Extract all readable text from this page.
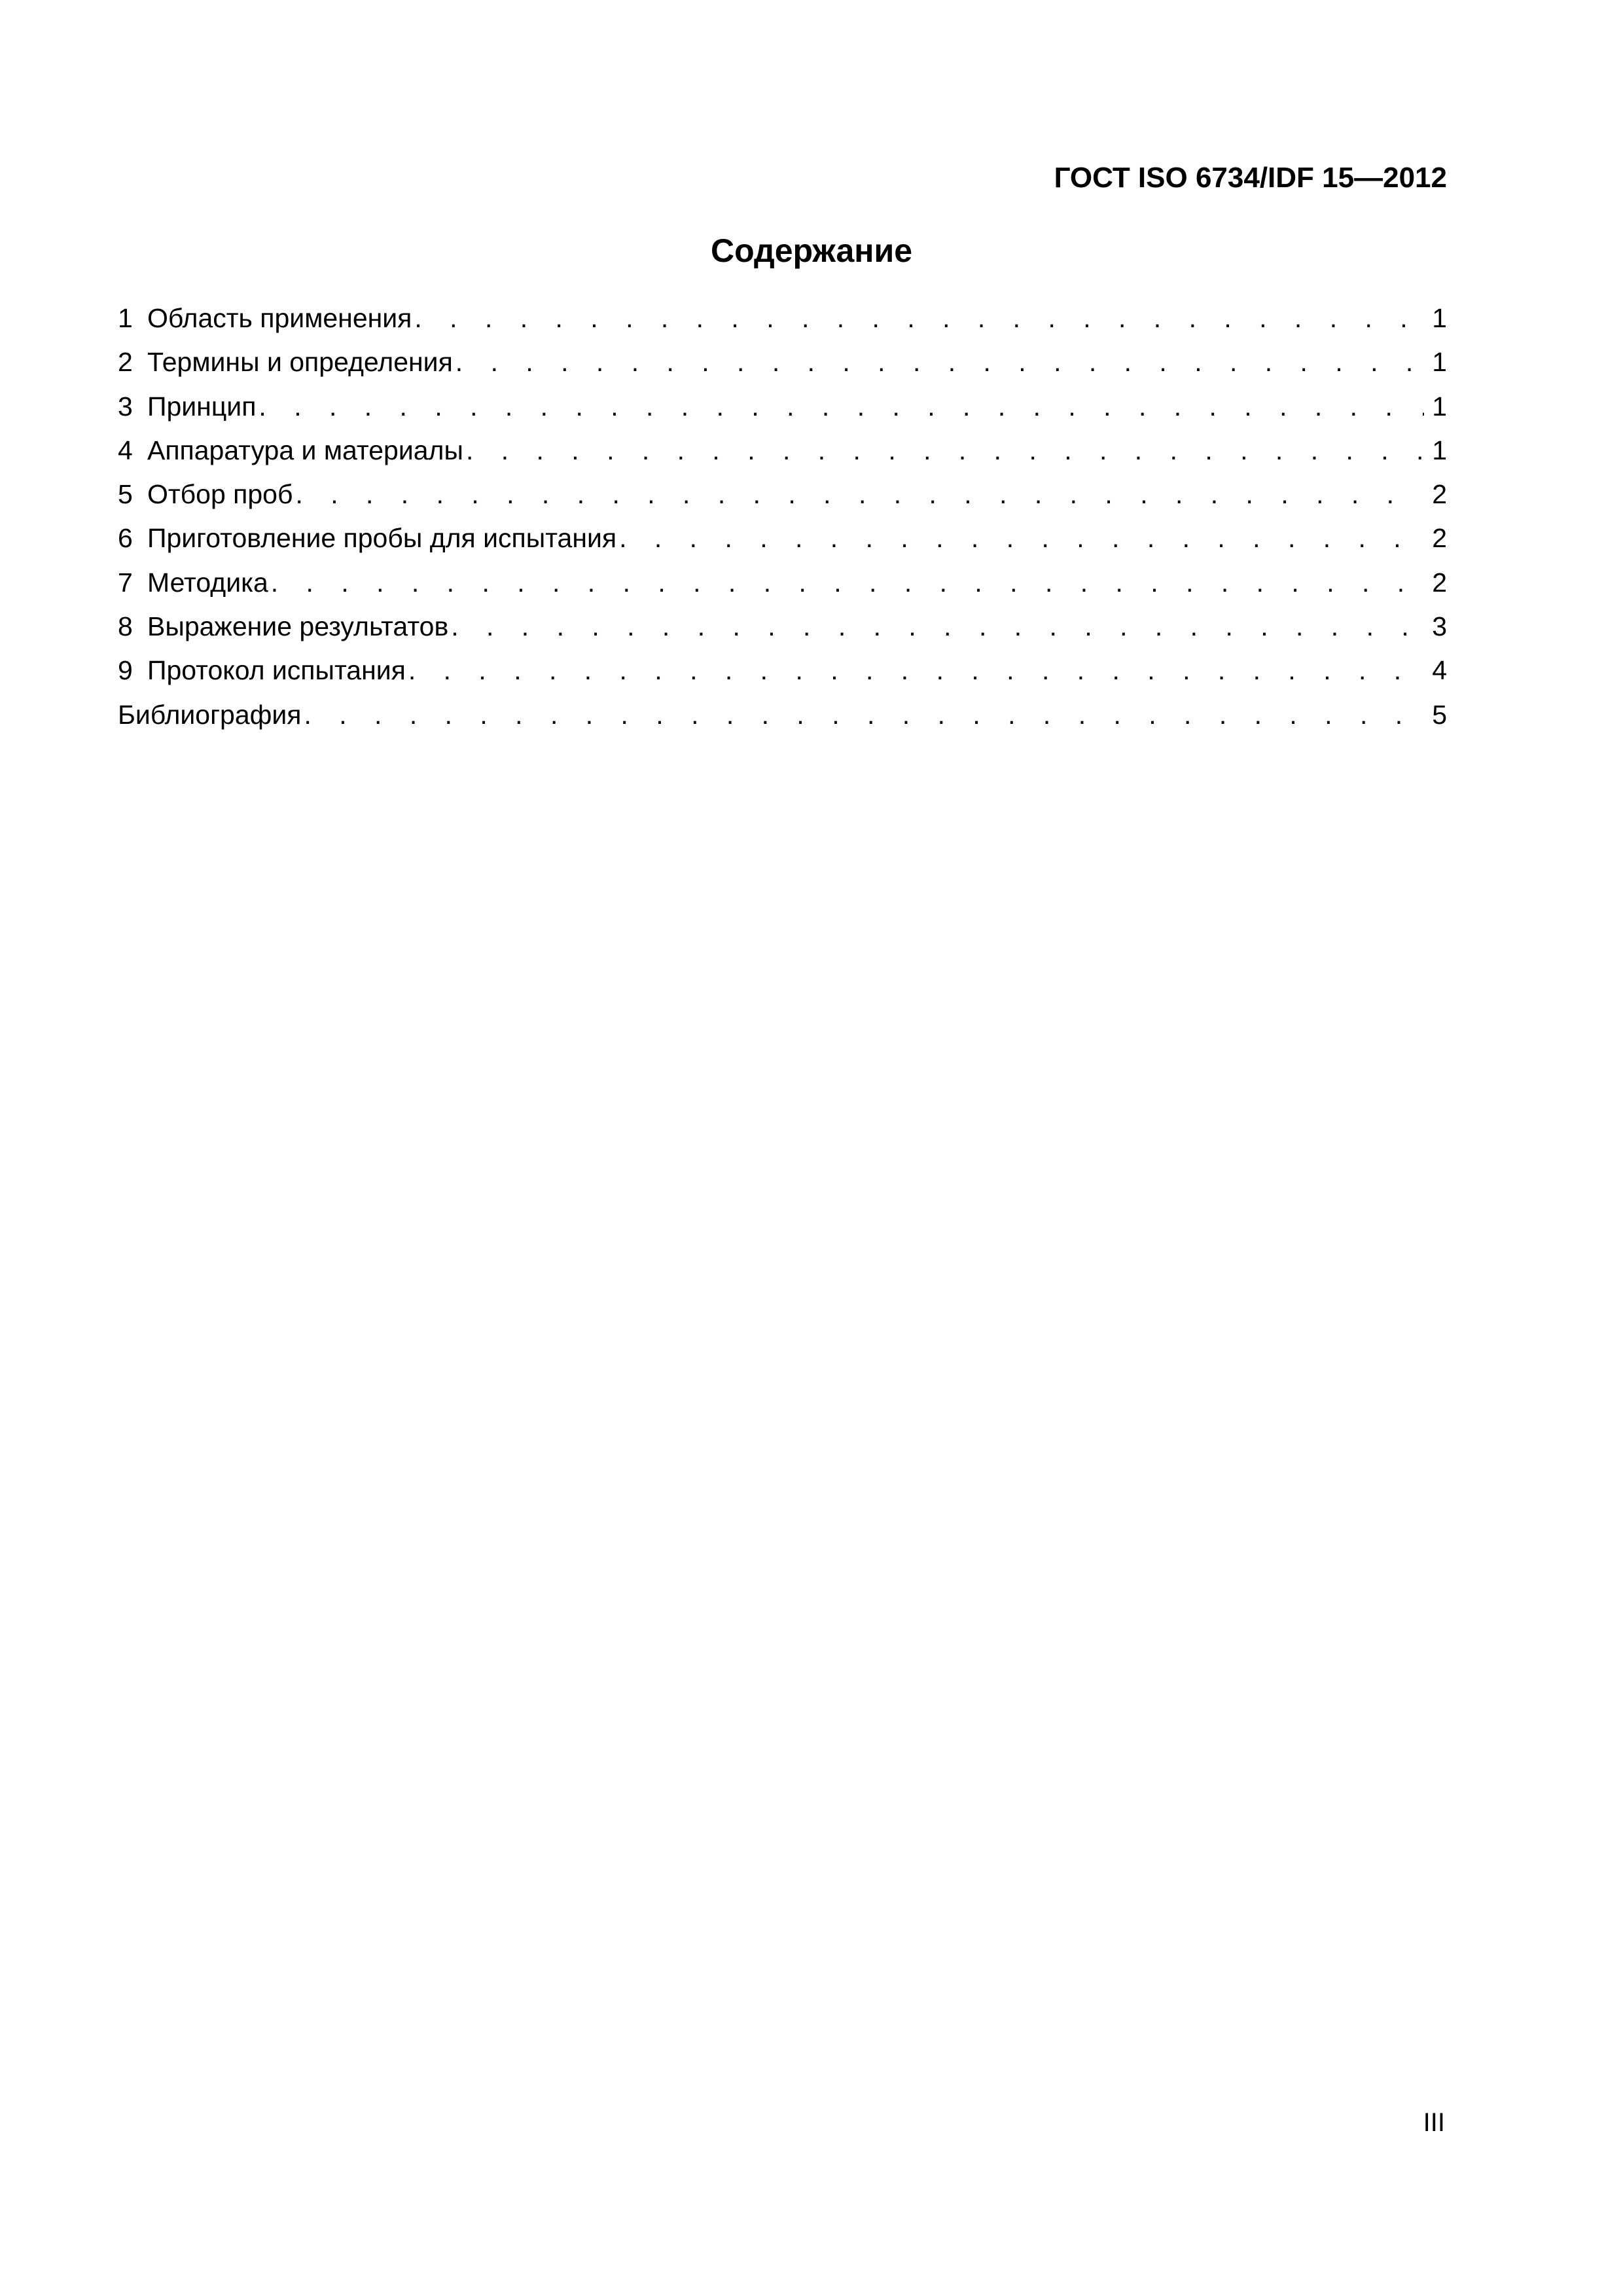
ГОСТ ISO 6734/IDF 15—2012
Содержание
1 Область применения . . .	1
2 Термины и определения . . .	1
3 Принцип . . .	1
4 Аппаратура и материалы . . .	1
5 Отбор проб . . .	2
6 Приготовление пробы для испытания . . .	2
7 Методика . . .	2
8 Выражение результатов . . .	3
9 Протокол испытания . . .	4
Библиография . . .	5
III
